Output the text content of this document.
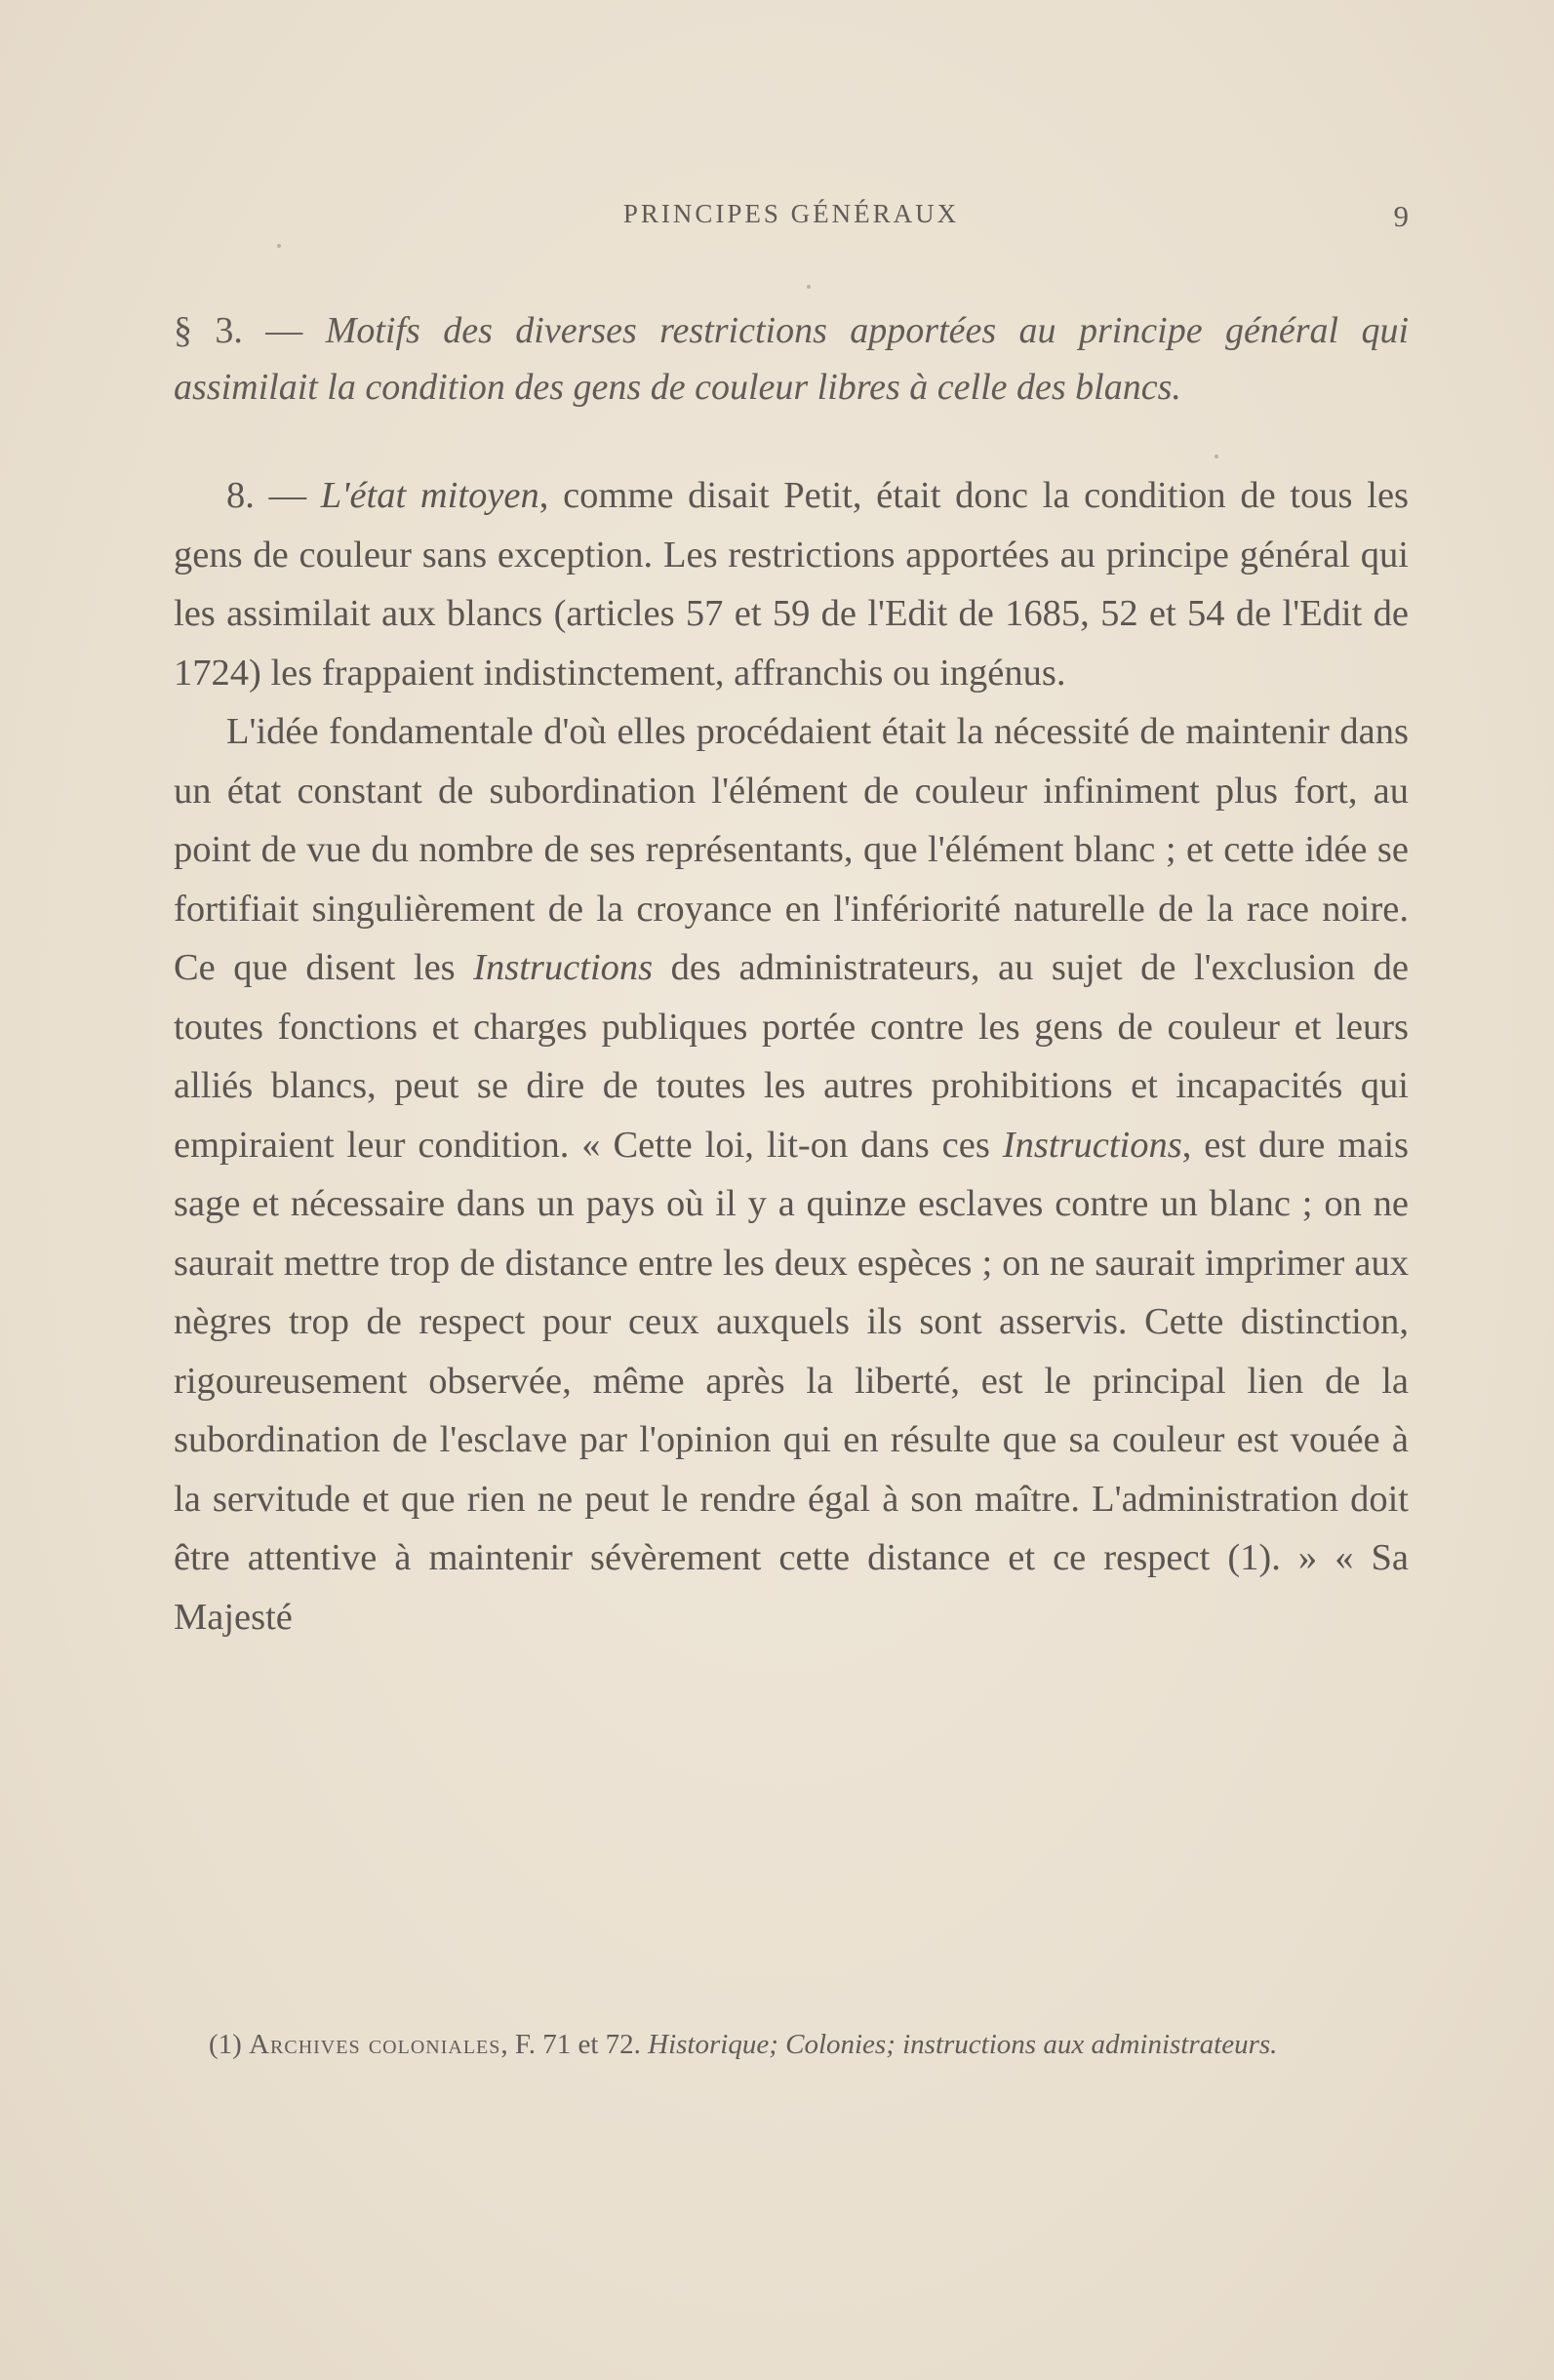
PRINCIPES GÉNÉRAUX	9

§ 3. — Motifs des diverses restrictions apportées au principe général qui assimilait la condition des gens de couleur libres à celle des blancs.

8. — L'état mitoyen, comme disait Petit, était donc la condition de tous les gens de couleur sans exception. Les restrictions apportées au principe général qui les assimilait aux blancs (articles 57 et 59 de l'Edit de 1685, 52 et 54 de l'Edit de 1724) les frappaient indistinctement, affranchis ou ingénus.

L'idée fondamentale d'où elles procédaient était la nécessité de maintenir dans un état constant de subordination l'élément de couleur infiniment plus fort, au point de vue du nombre de ses représentants, que l'élément blanc ; et cette idée se fortifiait singulièrement de la croyance en l'infériorité naturelle de la race noire. Ce que disent les Instructions des administrateurs, au sujet de l'exclusion de toutes fonctions et charges publiques portée contre les gens de couleur et leurs alliés blancs, peut se dire de toutes les autres prohibitions et incapacités qui empiraient leur condition. « Cette loi, lit-on dans ces Instructions, est dure mais sage et nécessaire dans un pays où il y a quinze esclaves contre un blanc ; on ne saurait mettre trop de distance entre les deux espèces ; on ne saurait imprimer aux nègres trop de respect pour ceux auxquels ils sont asservis. Cette distinction, rigoureusement observée, même après la liberté, est le principal lien de la subordination de l'esclave par l'opinion qui en résulte que sa couleur est vouée à la servitude et que rien ne peut le rendre égal à son maître. L'administration doit être attentive à maintenir sévèrement cette distance et ce respect (1). » « Sa Majesté

(1) Archives coloniales, F. 71 et 72. Historique; Colonies; instructions aux administrateurs.
